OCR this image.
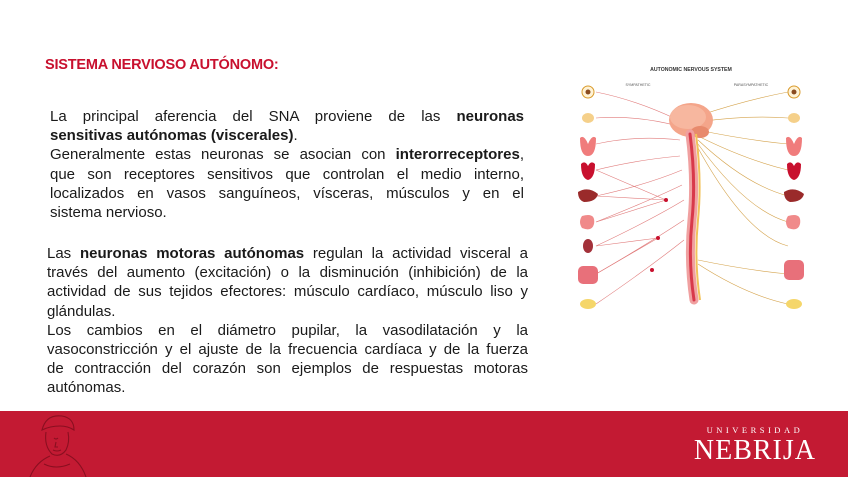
SISTEMA NERVIOSO AUTÓNOMO:
La principal aferencia del SNA proviene de las neuronas
sensitivas autónomas (viscerales).
Generalmente estas neuronas se asocian con interorreceptores,
que son receptores sensitivos que controlan el medio interno,
localizados en vasos sanguíneos, vísceras, músculos y en el
sistema nervioso.
Las neuronas motoras autónomas regulan la actividad visceral a
través del aumento (excitación) o la disminución (inhibición) de la
actividad de sus tejidos efectores: músculo cardíaco, músculo liso y
glándulas.
Los cambios en el diámetro pupilar, la vasodilatación y la
vasoconstricción y el ajuste de la frecuencia cardíaca y de la fuerza
de contracción del corazón son ejemplos de respuestas motoras
autónomas.
AUTONOMIC NERVOUS SYSTEM
SYMPATHETIC	PARASYMPATHETIC
UNIVERSIDAD
NEBRIJA
